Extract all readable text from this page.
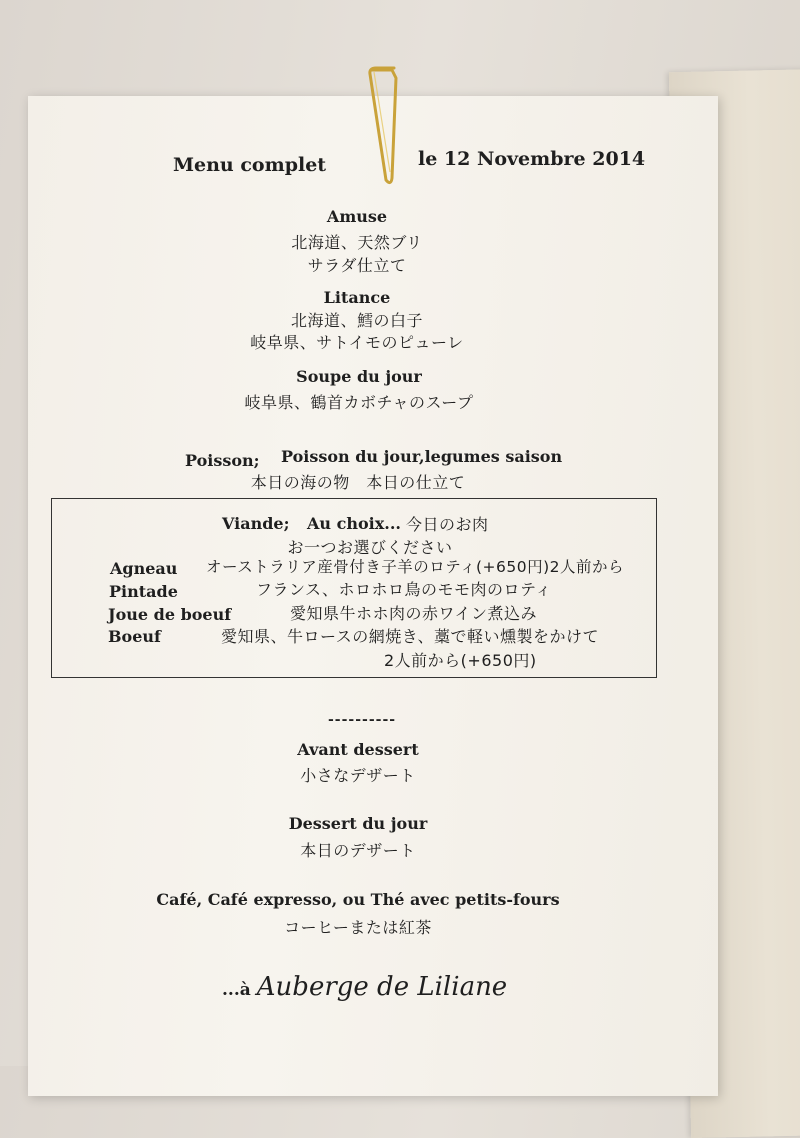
Menu complet	le 12 Novembre 2014
Amuse
北海道、天然ブリ
サラダ仕立て
Litance
北海道、鱈の白子
岐阜県、サトイモのピューレ
Soupe du jour
岐阜県、鶴首カボチャのスープ
Poisson; Poisson du jour,legumes saison
本日の海の物　本日の仕立て
Viande; Au choix... 今日のお肉
お一つお選びください
Agneau オーストラリア産骨付き子羊のロティ(+650円)2人前から
Pintade	フランス、ホロホロ鳥のモモ肉のロティ
Joue de boeuf	愛知県牛ホホ肉の赤ワイン煮込み
Boeuf	愛知県、牛ロースの網焼き、藁で軽い燻製をかけて
2人前から(+650円)
----------
Avant dessert
小さなデザート
Dessert du jour
本日のデザート
Café, Café expresso, ou Thé avec petits-fours
コーヒーまたは紅茶
...à Auberge de Liliane
